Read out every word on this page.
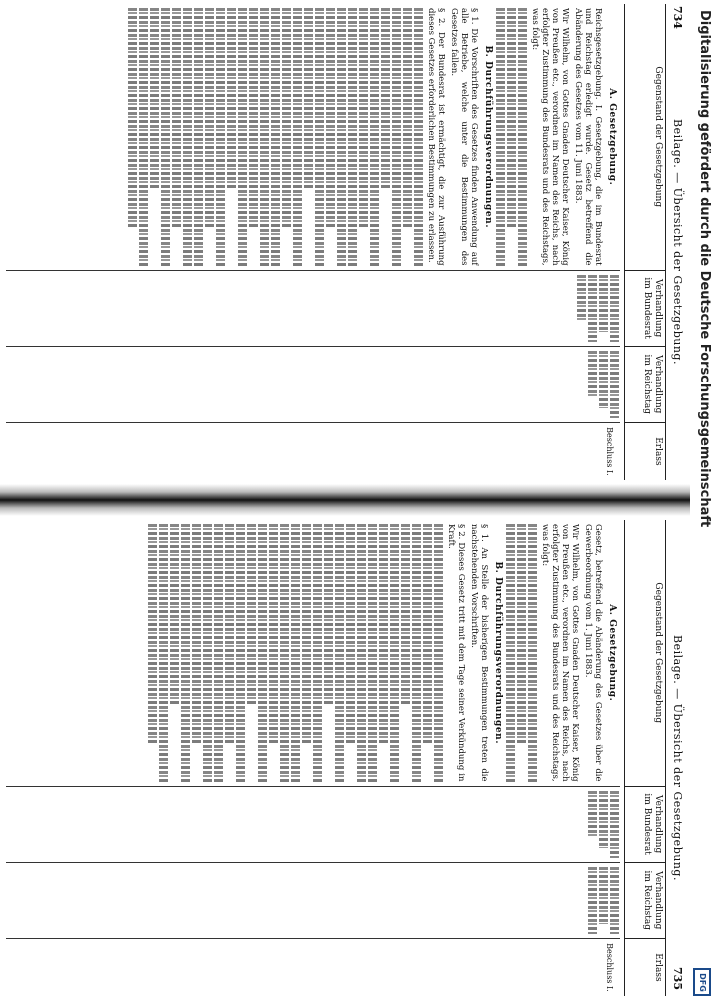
734
Beilage. — Übersicht der Gesetzgebung.
Gegenstand der Gesetzgebung
Verhandlung im Bundesrat
Verhandlung im Reichstag
Erlass
A. Gesetzgebung.

Reichsgesetzgebung. I. Gesetzgebung, die im Bundesrat und Reichstag erledigt wurde. Gesetz betreffend die Abänderung des Gesetzes vom 11. Juni 1883.

Wir Wilhelm, von Gottes Gnaden Deutscher Kaiser, König von Preußen etc., verordnen im Namen des Reichs, nach erfolgter Zustimmung des Bundesrats und des Reichstags, was folgt:

B. Durchführungsverordnungen.

§ 1. Die Vorschriften des Gesetzes finden Anwendung auf alle Betriebe, welche unter die Bestimmungen des Gesetzes fallen.

§ 2. Der Bundesrat ist ermächtigt, die zur Ausführung dieses Gesetzes erforderlichen Bestimmungen zu erlassen.

Beschluss I.
735
Beilage. — Übersicht der Gesetzgebung.
Gegenstand der Gesetzgebung
Verhandlung im Bundesrat
Verhandlung im Reichstag
Erlass
A. Gesetzgebung.

Gesetz, betreffend die Abänderung des Gesetzes über die Gewerbeordnung vom 1. Juni 1883.

Wir Wilhelm, von Gottes Gnaden Deutscher Kaiser, König von Preußen etc., verordnen im Namen des Reichs, nach erfolgter Zustimmung des Bundesrats und des Reichstags, was folgt:

B. Durchführungsverordnungen.

§ 1. An Stelle der bisherigen Bestimmungen treten die nachstehenden Vorschriften.

§ 2. Dieses Gesetz tritt mit dem Tage seiner Verkündung in Kraft.

Beschluss I.
Digitalisierung gefördert durch die Deutsche Forschungsgemeinschaft
DFG
